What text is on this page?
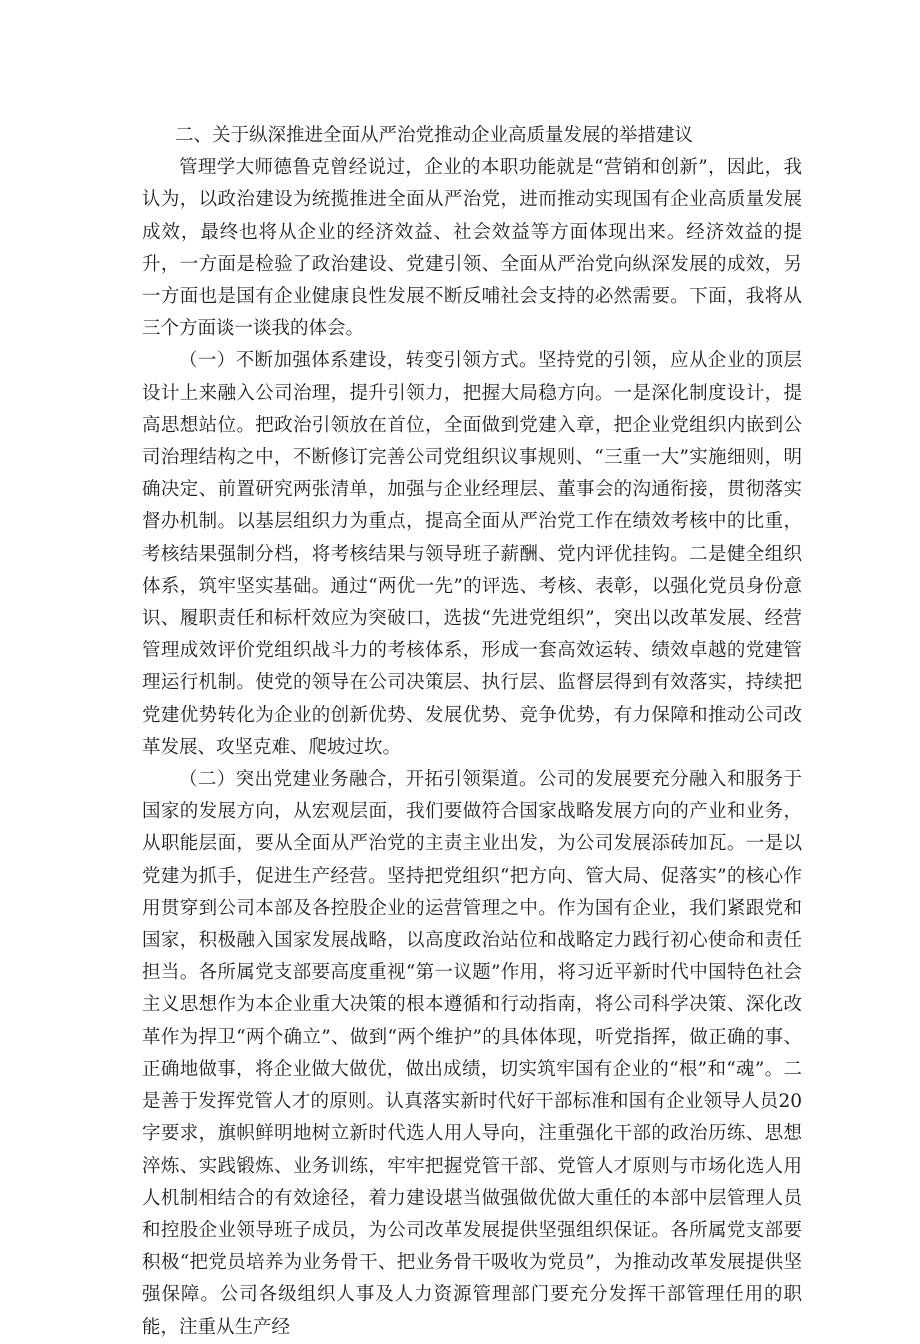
二、关于纵深推进全面从严治党推动企业高质量发展的举措建议

管理学大师德鲁克曾经说过，企业的本职功能就是“营销和创新”，因此，我认为，以政治建设为统揽推进全面从严治党，进而推动实现国有企业高质量发展成效，最终也将从企业的经济效益、社会效益等方面体现出来。经济效益的提升，一方面是检验了政治建设、党建引领、全面从严治党向纵深发展的成效，另一方面也是国有企业健康良性发展不断反哺社会支持的必然需要。下面，我将从三个方面谈一谈我的体会。

（一）不断加强体系建设，转变引领方式。坚持党的引领，应从企业的顶层设计上来融入公司治理，提升引领力，把握大局稳方向。一是深化制度设计，提高思想站位。把政治引领放在首位，全面做到党建入章，把企业党组织内嵌到公司治理结构之中，不断修订完善公司党组织议事规则、“三重一大”实施细则，明确决定、前置研究两张清单，加强与企业经理层、董事会的沟通衔接，贯彻落实督办机制。以基层组织力为重点，提高全面从严治党工作在绩效考核中的比重，考核结果强制分档，将考核结果与领导班子薪酬、党内评优挂钩。二是健全组织体系，筑牢坚实基础。通过“两优一先”的评选、考核、表彰，以强化党员身份意识、履职责任和标杆效应为突破口，选拔“先进党组织”，突出以改革发展、经营管理成效评价党组织战斗力的考核体系，形成一套高效运转、绩效卓越的党建管理运行机制。使党的领导在公司决策层、执行层、监督层得到有效落实，持续把党建优势转化为企业的创新优势、发展优势、竞争优势，有力保障和推动公司改革发展、攻坚克难、爬坡过坎。

（二）突出党建业务融合，开拓引领渠道。公司的发展要充分融入和服务于国家的发展方向，从宏观层面，我们要做符合国家战略发展方向的产业和业务，从职能层面，要从全面从严治党的主责主业出发，为公司发展添砖加瓦。一是以党建为抓手，促进生产经营。坚持把党组织“把方向、管大局、促落实”的核心作用贯穿到公司本部及各控股企业的运营管理之中。作为国有企业，我们紧跟党和国家，积极融入国家发展战略，以高度政治站位和战略定力践行初心使命和责任担当。各所属党支部要高度重视“第一议题”作用，将习近平新时代中国特色社会主义思想作为本企业重大决策的根本遵循和行动指南，将公司科学决策、深化改革作为捍卫“两个确立”、做到“两个维护”的具体体现，听党指挥，做正确的事、正确地做事，将企业做大做优，做出成绩，切实筑牢国有企业的“根”和“魂”。二是善于发挥党管人才的原则。认真落实新时代好干部标准和国有企业领导人员20字要求，旗帜鲜明地树立新时代选人用人导向，注重强化干部的政治历练、思想淬炼、实践锻炼、业务训练，牢牢把握党管干部、党管人才原则与市场化选人用人机制相结合的有效途径，着力建设堪当做强做优做大重任的本部中层管理人员和控股企业领导班子成员，为公司改革发展提供坚强组织保证。各所属党支部要积极“把党员培养为业务骨干、把业务骨干吸收为党员”，为推动改革发展提供坚强保障。公司各级组织人事及人力资源管理部门要充分发挥干部管理任用的职能，注重从生产经
